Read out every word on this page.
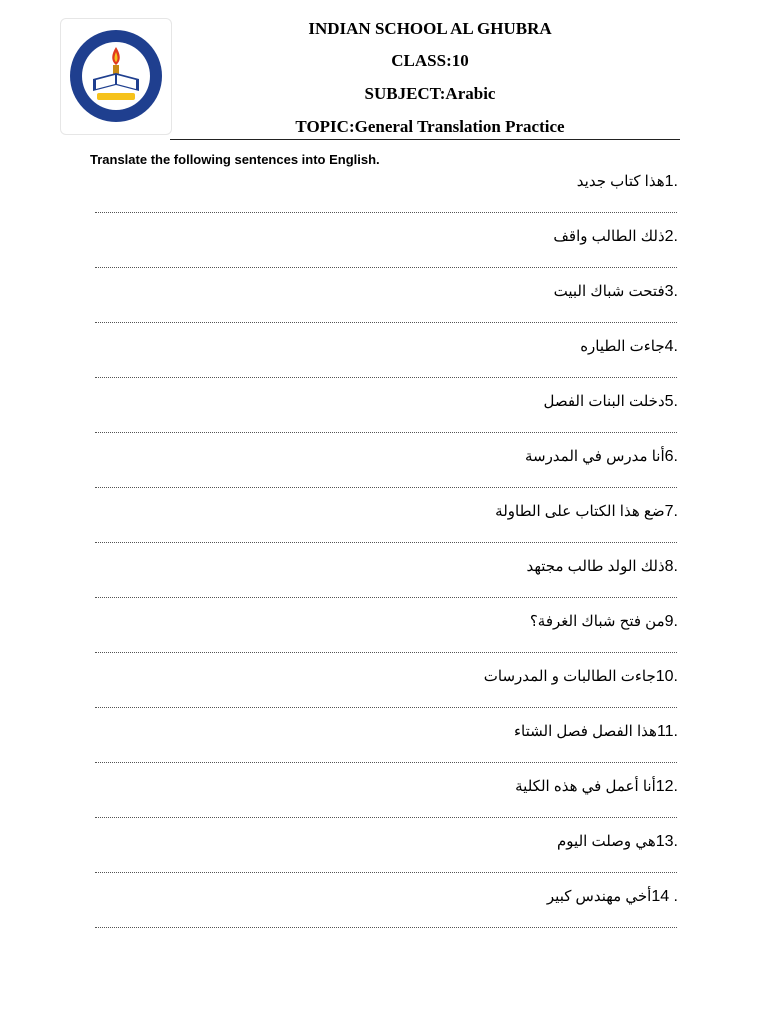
INDIAN SCHOOL AL GHUBRA
CLASS:10
SUBJECT:Arabic
TOPIC:General Translation Practice
Translate the following sentences into English.
.1هذا كتاب جديد
.2ذلك الطالب واقف
.3فتحت شباك البيت
.4جاءت الطياره
.5دخلت البنات الفصل
.6أنا مدرس في المدرسة
.7ضع هذا الكتاب على الطاولة
.8ذلك الولد طالب مجتهد
.9من فتح شباك الغرفة؟
.10جاءت الطالبات و المدرسات
.11هذا الفصل فصل الشتاء
.12أنا أعمل في هذه الكلية
.13هي وصلت اليوم
. 14أخي مهندس كبير
